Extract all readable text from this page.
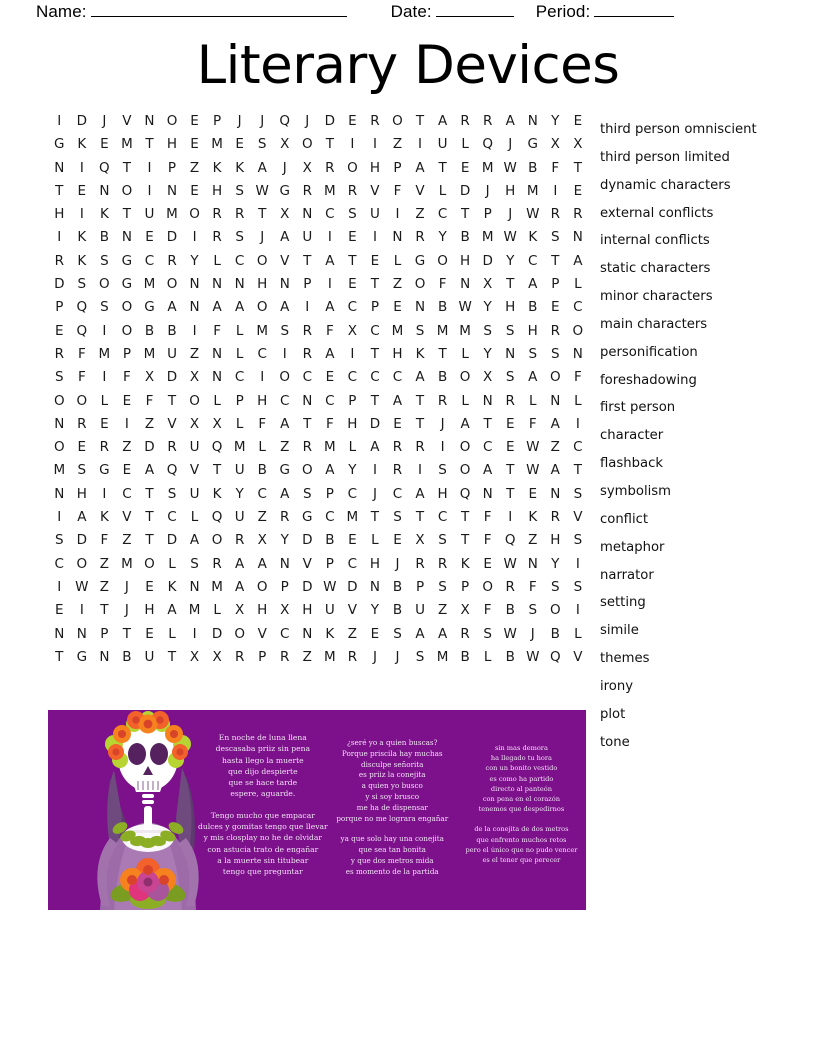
Name:	Date:	Period:
Literary Devices
I	D	J	V N O E	P	J	J	Q	J	D E	R O T	A R R A N Y	E
G K	E M T H E M E	S	X O T	I	I	Z	I	U	L Q	J	G X X
N	I	Q T	I	P	Z	K	K A	J	X R O H P	A	T	E M W B	F	T
T	E N O	I	N E H S W G R M R V	F	V	L	D	J	H M	I	E
H	I	K	T U M O R R	T	X N C	S U	I	Z C	T	P	J	W R R
I	K B N E D	I	R	S	J	A U	I	E	I	N R	Y	B M W K	S N
R K	S G C R	Y	L	C O V	T	A	T	E	L	G O H D Y	C	T	A
D S O G M O N N N H N P	I	E	T	Z O F	N X	T	A	P	L
P Q S O G A N A A O A	I	A C	P	E N B W Y H B	E	C
E Q	I	O B B	I	F	L M S	R	F	X C M S M M S	S H R O
R	F M P M U Z N	L	C	I	R A	I	T H K	T	L	Y N S	S N
S	F	I	F	X D X N C	I	O C	E	C C C A B O X	S	A O F
O O L	E	F	T O L	P H C N C	P	T	A	T	R	L	N R	L	N	L
N R	E	I	Z V X X	L	F	A	T	F	H D E	T	J	A	T	E	F	A	I
O E	R Z D R U Q M L	Z R M L	A R R	I	O C	E W Z C
M S G E	A Q V	T U B G O A	Y	I	R	I	S O A	T W A	T
N H	I	C	T	S U K	Y	C A	S	P	C	J	C A H Q N T	E N S
I	A	K V	T	C	L Q U Z R G C M T	S	T	C	T	F	I	K R V
S D F	Z	T D A O R X	Y D B	E	L	E	X	S	T	F Q Z H S
C O Z M O L	S	R A A N V	P	C H	J	R R K	E W N Y	I
I	W Z	J	E	K N M A O P D W D N B	P	S	P O R	F	S	S
E	I	T	J	H A M L	X H X H U V	Y	B U Z X	F	B	S O	I
N N P	T	E	L	I	D O V C N K Z	E	S	A A R	S W	J	B	L
T G N B U T	X X R	P	R Z M R	J	J	S M B	L	B W Q V
third person omniscient
third person limited
dynamic characters
external conflicts
internal conflicts
static characters
minor characters
main characters
personification
foreshadowing
first person
character
flashback
symbolism
conflict
metaphor
narrator
setting
simile
themes
irony
plot
tone
En noche de luna llena
descasaba priiz sin pena
hasta llego la muerte
que dijo despierte
que se hace tarde
espere, aguarde.
Tengo mucho que empacar
dulces y gomitas tengo que llevar
y mis closplay no he de olvidar
con astucia trato de engañar
a la muerte sin titubear
tengo que preguntar
¿seré yo a quien buscas?
Porque priscila hay muchas
disculpe señorita
es priiz la conejita
a quien yo busco
y si soy brusco
me ha de dispensar
porque no me lograra engañar
ya que solo hay una conejita
que sea tan bonita
y que dos metros mida
es momento de la partida
sin mas demora
ha llegado tu hora
con un bonito vestido
es como ha partido
directo al panteón
con pena en el corazón
tenemos que despedirnos
de la conejita de dos metros
que enfrento muchos retos
pero el único que no pudo vencer
es el tener que perecer
